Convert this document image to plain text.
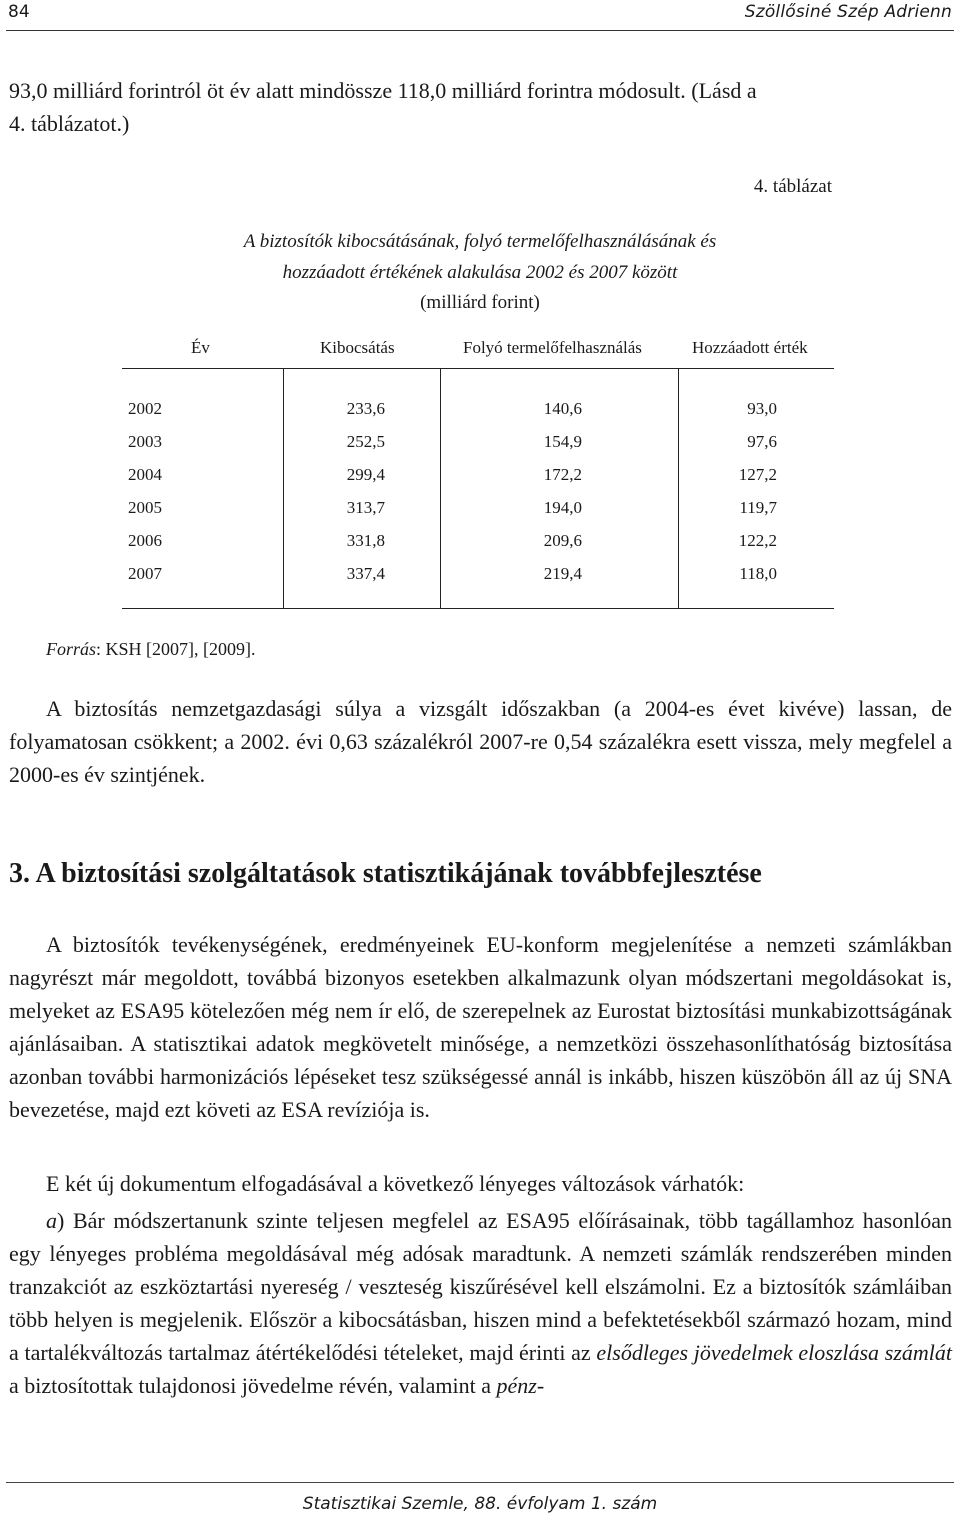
84	Szöllősiné Szép Adrienn
93,0 milliárd forintról öt év alatt mindössze 118,0 milliárd forintra módosult. (Lásd a
4. táblázatot.)
4. táblázat
A biztosítók kibocsátásának, folyó termelőfelhasználásának és
hozzáadott értékének alakulása 2002 és 2007 között
(milliárd forint)
Év	Kibocsátás	Folyó termelőfelhasználás	Hozzáadott érték
2002	233,6	140,6	93,0
2003	252,5	154,9	97,6
2004	299,4	172,2	127,2
2005	313,7	194,0	119,7
2006	331,8	209,6	122,2
2007	337,4	219,4	118,0
Forrás: KSH [2007], [2009].

A biztosítás nemzetgazdasági súlya a vizsgált időszakban (a 2004-es évet kivéve) lassan, de folyamatosan csökkent; a 2002. évi 0,63 százalékról 2007-re 0,54 százalékra esett vissza, mely megfelel a 2000-es év szintjének.

3. A biztosítási szolgáltatások statisztikájának továbbfejlesztése

A biztosítók tevékenységének, eredményeinek EU-konform megjelenítése a nemzeti számlákban nagyrészt már megoldott, továbbá bizonyos esetekben alkalmazunk olyan módszertani megoldásokat is, melyeket az ESA95 kötelezően még nem ír elő, de szerepelnek az Eurostat biztosítási munkabizottságának ajánlásaiban. A statisztikai adatok megkövetelt minősége, a nemzetközi összehasonlíthatóság biztosítása azonban további harmonizációs lépéseket tesz szükségessé annál is inkább, hiszen küszöbön áll az új SNA bevezetése, majd ezt követi az ESA revíziója is.

E két új dokumentum elfogadásával a következő lényeges változások várhatók:

a) Bár módszertanunk szinte teljesen megfelel az ESA95 előírásainak, több tagállamhoz hasonlóan egy lényeges probléma megoldásával még adósak maradtunk. A nemzeti számlák rendszerében minden tranzakciót az eszköztartási nyereség / veszteség kiszűrésével kell elszámolni. Ez a biztosítók számláiban több helyen is megjelenik. Először a kibocsátásban, hiszen mind a befektetésekből származó hozam, mind a tartalékváltozás tartalmaz átértékelődési tételeket, majd érinti az elsődleges jövedelmek eloszlása számlát a biztosítottak tulajdonosi jövedelme révén, valamint a pénz-

Statisztikai Szemle, 88. évfolyam 1. szám
